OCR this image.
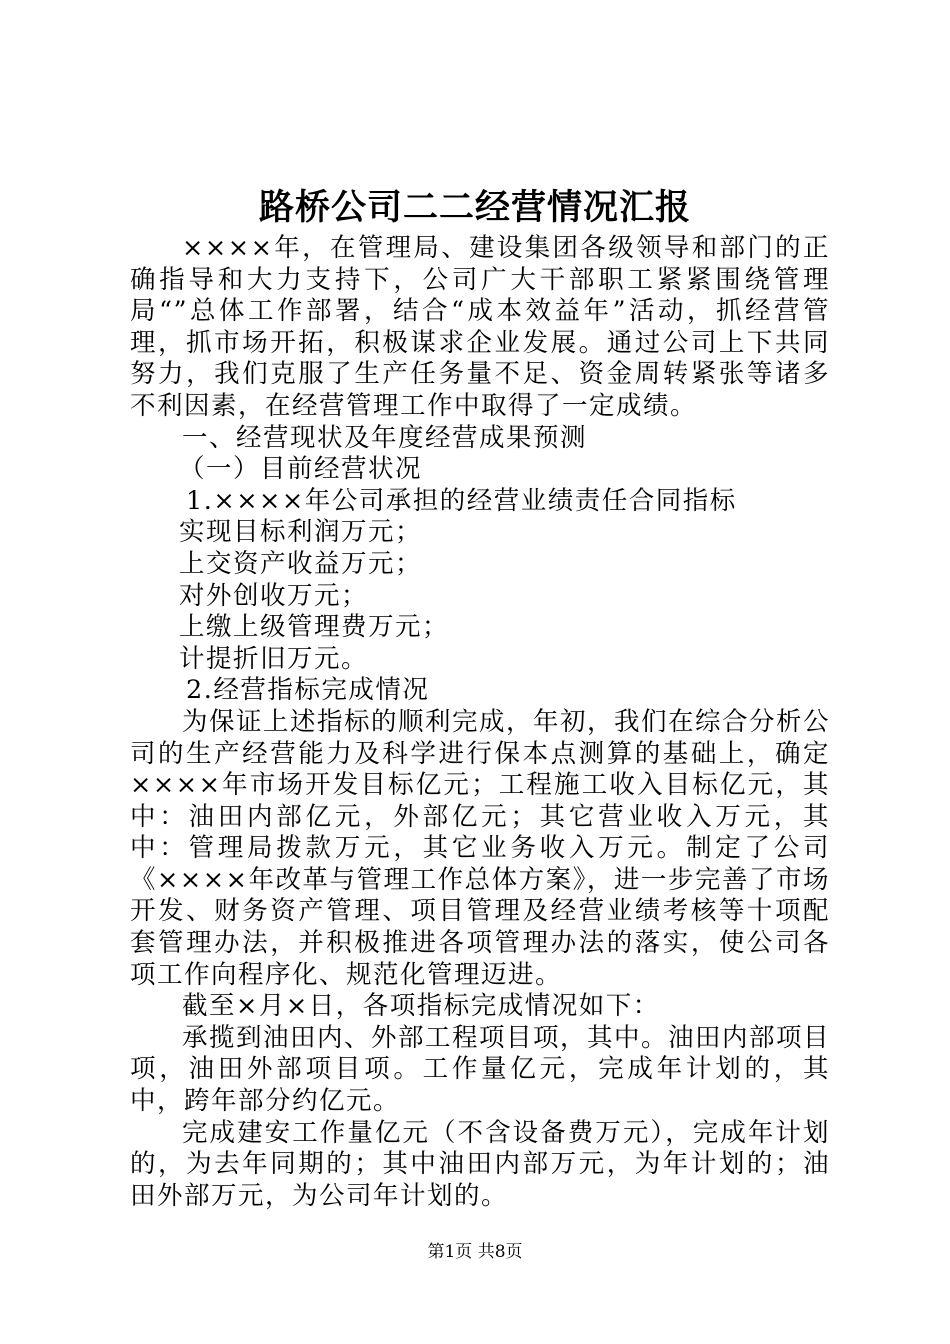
路桥公司二二经营情况汇报

××××年，在管理局、建设集团各级领导和部门的正确指导和大力支持下，公司广大干部职工紧紧围绕管理局“”总体工作部署，结合“成本效益年”活动，抓经营管理，抓市场开拓，积极谋求企业发展。通过公司上下共同努力，我们克服了生产任务量不足、资金周转紧张等诸多不利因素，在经营管理工作中取得了一定成绩。

一、经营现状及年度经营成果预测

（一）目前经营状况

1.××××年公司承担的经营业绩责任合同指标

实现目标利润万元；

上交资产收益万元；

对外创收万元；

上缴上级管理费万元；

计提折旧万元。

2.经营指标完成情况

为保证上述指标的顺利完成，年初，我们在综合分析公司的生产经营能力及科学进行保本点测算的基础上，确定××××年市场开发目标亿元；工程施工收入目标亿元，其中：油田内部亿元，外部亿元；其它营业收入万元，其中：管理局拨款万元，其它业务收入万元。制定了公司《××××年改革与管理工作总体方案》，进一步完善了市场开发、财务资产管理、项目管理及经营业绩考核等十项配套管理办法，并积极推进各项管理办法的落实，使公司各项工作向程序化、规范化管理迈进。

截至×月×日，各项指标完成情况如下：

承揽到油田内、外部工程项目项，其中。油田内部项目项，油田外部项目项。工作量亿元，完成年计划的，其中，跨年部分约亿元。

完成建安工作量亿元（不含设备费万元），完成年计划的，为去年同期的；其中油田内部万元，为年计划的；油田外部万元，为公司年计划的。

第1页 共8页
